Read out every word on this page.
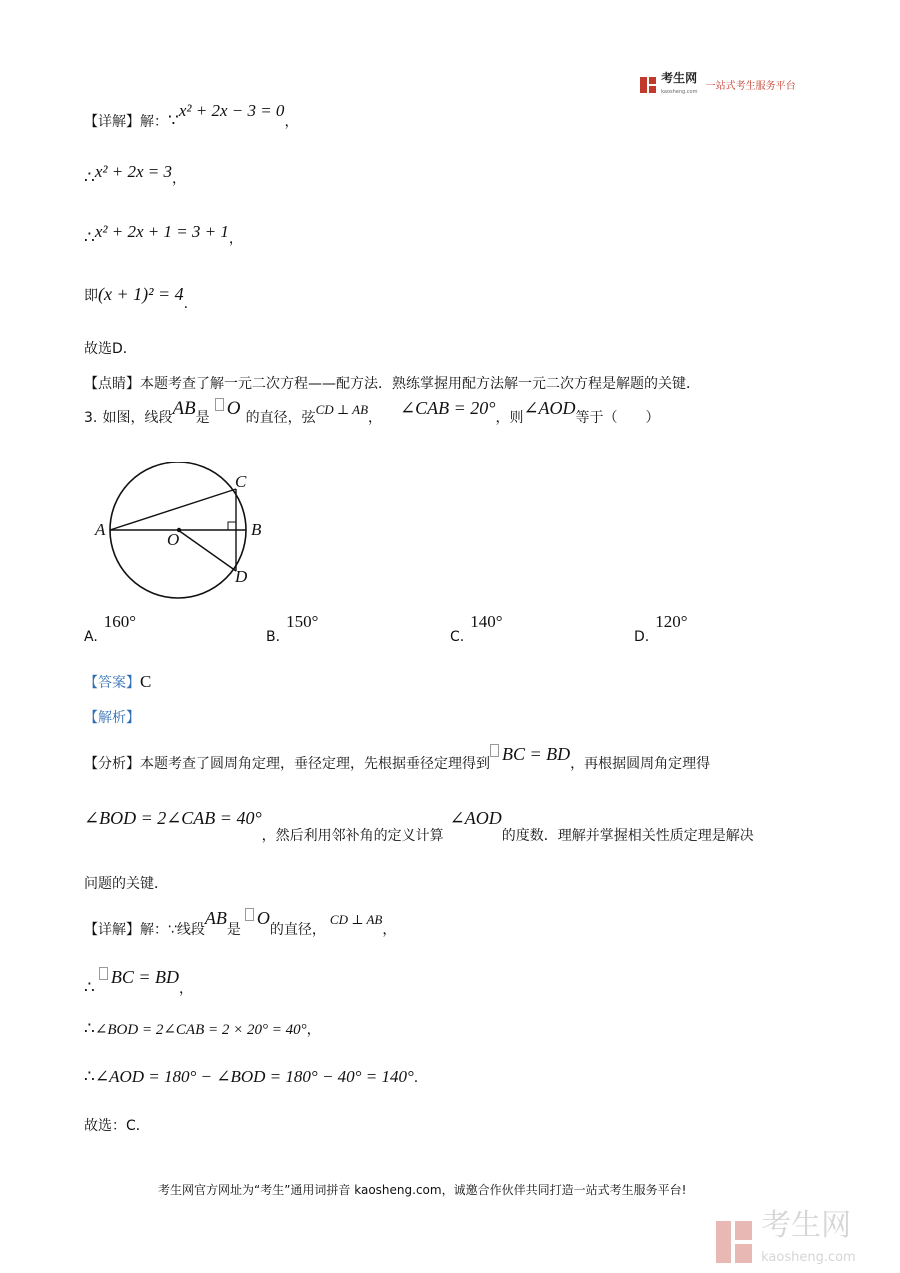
考生网
kaosheng.com 一站式考生服务平台
【详解】解：∵x² + 2x − 3 = 0，
∴x² + 2x = 3，
∴x² + 2x + 1 = 3 + 1，
即(x + 1)² = 4.
故选D．
【点睛】本题考查了解一元二次方程——配方法．熟练掌握用配方法解一元二次方程是解题的关键．
3. 如图，线段AB是 O 的直径，弦$^{CD \perp AB}$， ∠CAB = 20°，则∠AOD等于（　　）
A	B
C
D
O
A.160°
B.150°
C.140°
D.120°
【答案】C
【解析】
【分析】本题考查了圆周角定理，垂径定理，先根据垂径定理得到 BC = BD，再根据圆周角定理得
∠BOD = 2∠CAB = 40°，然后利用邻补角的定义计算∠AOD的度数．理解并掌握相关性质定理是解决
问题的关键．
【详解】解：∵线段AB是O的直径，CD ⊥ AB，
∴BC = BD，
∴∠BOD = 2∠CAB = 2 × 20° = 40°，
∴∠AOD = 180° − ∠BOD = 180° − 40° = 140°.
故选：C．
考生网官方网址为“考生”通用词拼音 kaosheng.com，诚邀合作伙伴共同打造一站式考生服务平台!
考生网
kaosheng.com
